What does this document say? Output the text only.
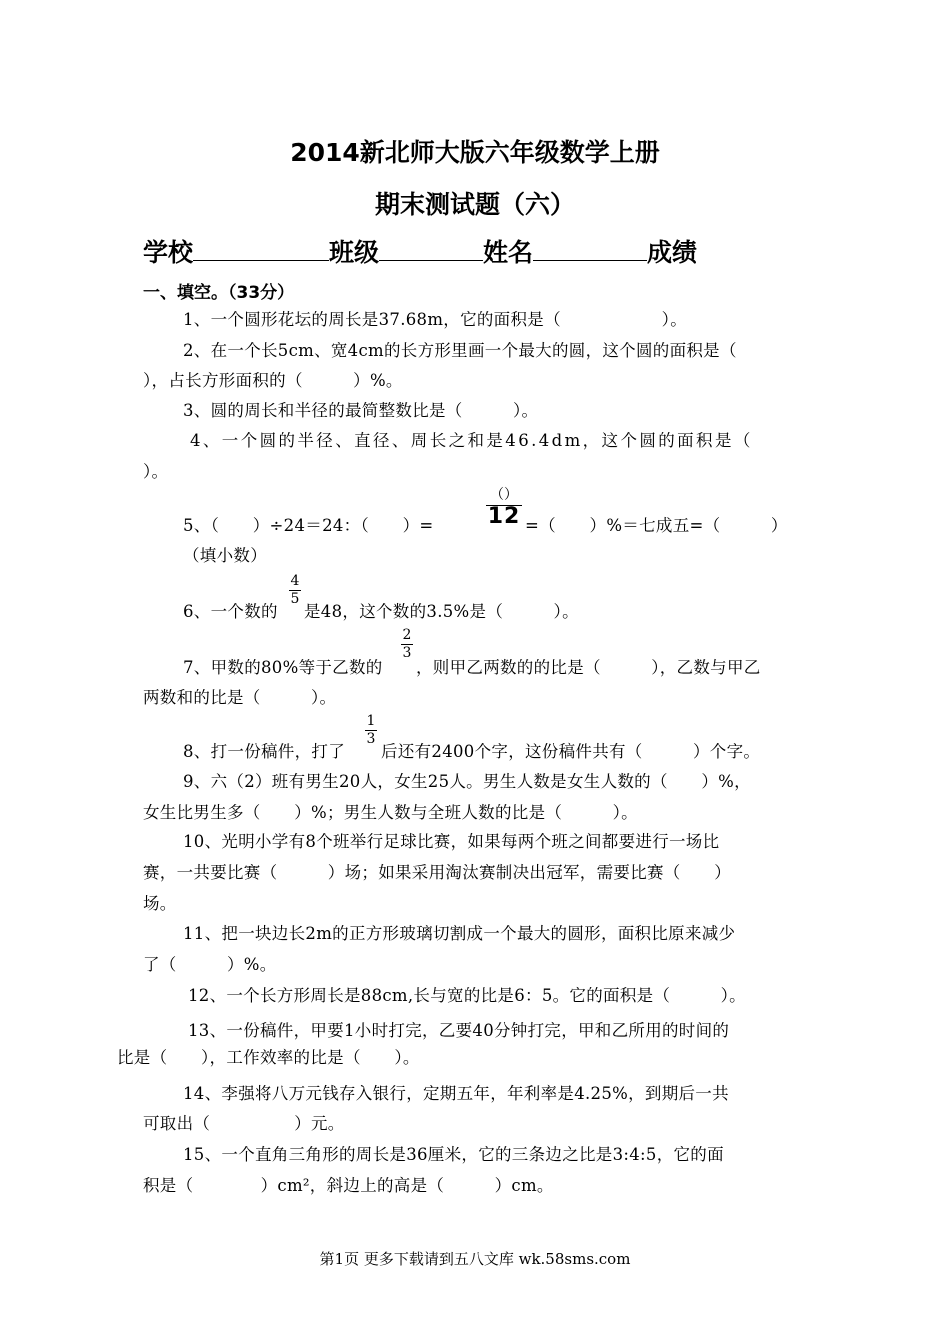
2014新北师大版六年级数学上册
期末测试题（六）
学校	班级	姓名	成绩
一、填空。（33分）
1、一个圆形花坛的周长是37.68m，它的面积是（　　　　　　）。
2、在一个长5cm、宽4cm的长方形里画一个最大的圆，这个圆的面积是（
），占长方形面积的（　　　）%。
3、圆的周长和半径的最简整数比是（　　　）。
4、一个圆的半径、直径、周长之和是46.4dm，这个圆的面积是（
）。
5、（　　）÷24＝24：（　　）=
（）
12 =（　　）%＝七成五=（　　　）
（填小数）
6、一个数的
4
5
是48，这个数的3.5%是（　　　）。
7、甲数的80%等于乙数的
2
3
，则甲乙两数的的比是（　　　），乙数与甲乙
两数和的比是（　　　）。
8、打一份稿件，打了
1
3
后还有2400个字，这份稿件共有（　　　）个字。
9、六（2）班有男生20人，女生25人。男生人数是女生人数的（　　）%，
女生比男生多（　　）%；男生人数与全班人数的比是（　　　）。
10、光明小学有8个班举行足球比赛，如果每两个班之间都要进行一场比
赛，一共要比赛（　　　）场；如果采用淘汰赛制决出冠军，需要比赛（　　）
场。
11、把一块边长2m的正方形玻璃切割成一个最大的圆形，面积比原来减少
了（　　　）%。
12、一个长方形周长是88cm,长与宽的比是6：5。它的面积是（　　　）。
13、一份稿件，甲要1小时打完，乙要40分钟打完，甲和乙所用的时间的
比是（　　），工作效率的比是（　　）。
14、李强将八万元钱存入银行，定期五年，年利率是4.25%，到期后一共
可取出（　　　　　）元。
15、一个直角三角形的周长是36厘米，它的三条边之比是3:4:5，它的面
积是（　　　　）cm²，斜边上的高是（　　　）cm。
第1页 更多下载请到五八文库 wk.58sms.com
